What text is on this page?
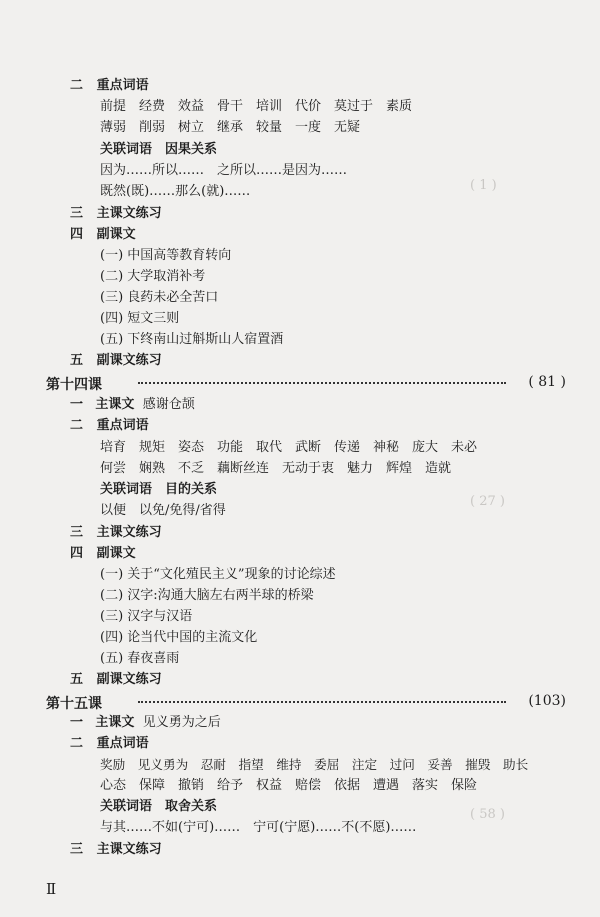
( 1 )
( 27 )
( 58 )
二 重点词语
前提　经费　效益　骨干　培训　代价　莫过于　素质
薄弱　削弱　树立　继承　较量　一度　无疑
关联词语　因果关系
因为……所以……　之所以……是因为……
既然(既)……那么(就)……
三 主课文练习
四 副课文
(一) 中国高等教育转向
(二) 大学取消补考
(三) 良药未必全苦口
(四) 短文三则
(五) 下终南山过斛斯山人宿置酒
五 副课文练习
第十四课	( 81 )
一 主课文 感谢仓颉
二 重点词语
培育　规矩　姿态　功能　取代　武断　传递　神秘　庞大　未必
何尝　娴熟　不乏　藕断丝连　无动于衷　魅力　辉煌　造就
关联词语　目的关系
以便　以免/免得/省得
三 主课文练习
四 副课文
(一) 关于“文化殖民主义”现象的讨论综述
(二) 汉字:沟通大脑左右两半球的桥梁
(三) 汉字与汉语
(四) 论当代中国的主流文化
(五) 春夜喜雨
五 副课文练习
第十五课	(103)
一 主课文 见义勇为之后
二 重点词语
奖励　见义勇为　忍耐　指望　维持　委屈　注定　过问　妥善　摧毁　助长
心态　保障　撤销　给予　权益　赔偿　依据　遭遇　落实　保险
关联词语　取舍关系
与其……不如(宁可)……　宁可(宁愿)……不(不愿)……
三 主课文练习
Ⅱ
